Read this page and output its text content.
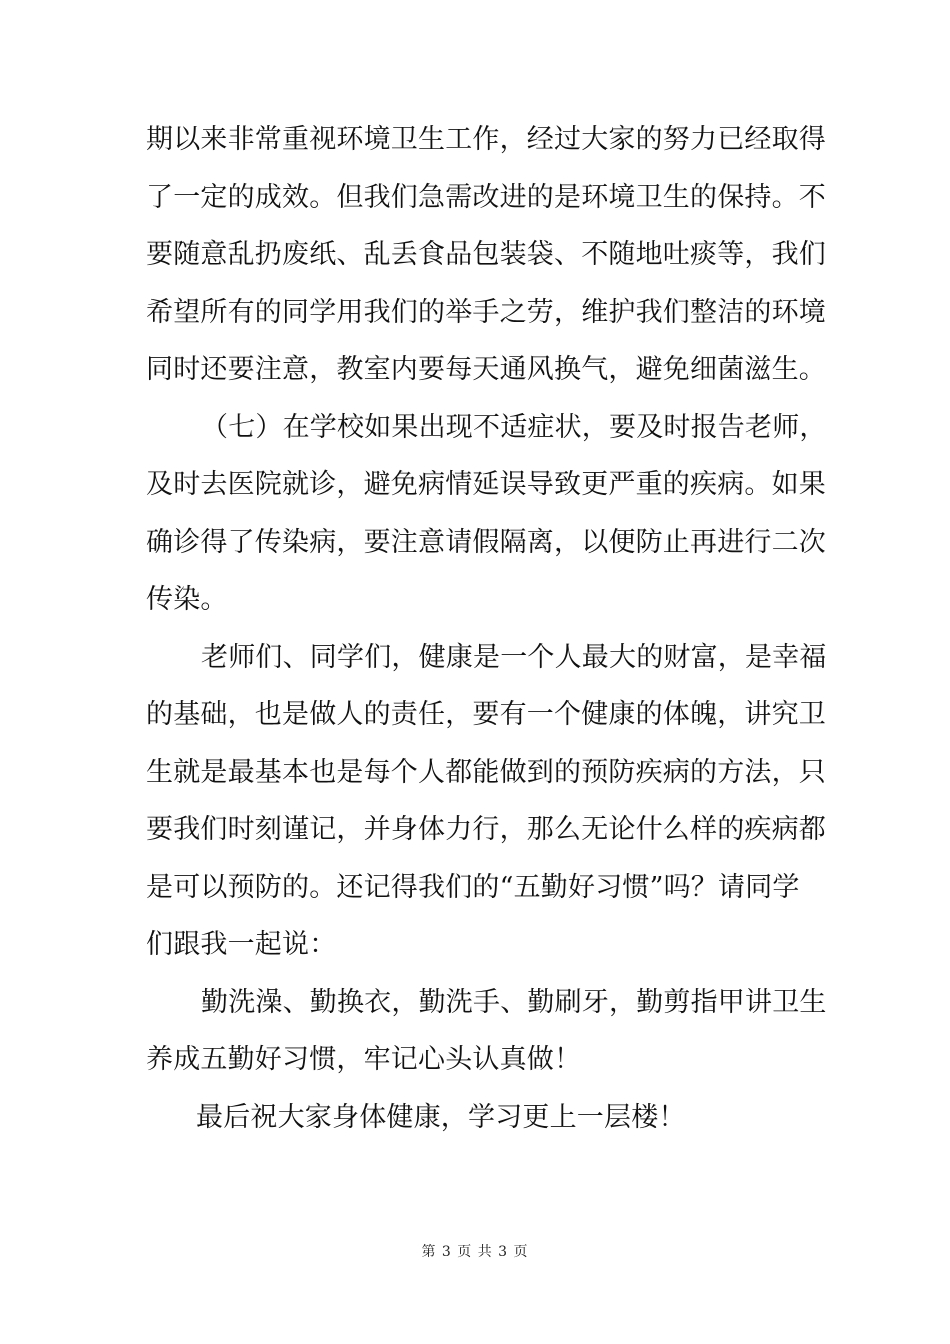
期以来非常重视环境卫生工作，经过大家的努力已经取得
了一定的成效。但我们急需改进的是环境卫生的保持。不
要随意乱扔废纸、乱丢食品包装袋、不随地吐痰等，我们
希望所有的同学用我们的举手之劳，维护我们整洁的环境
同时还要注意，教室内要每天通风换气，避免细菌滋生。
（七）在学校如果出现不适症状，要及时报告老师，
及时去医院就诊，避免病情延误导致更严重的疾病。如果
确诊得了传染病，要注意请假隔离，以便防止再进行二次
传染。
老师们、同学们，健康是一个人最大的财富，是幸福
的基础，也是做人的责任，要有一个健康的体魄，讲究卫
生就是最基本也是每个人都能做到的预防疾病的方法，只
要我们时刻谨记，并身体力行，那么无论什么样的疾病都
是可以预防的。还记得我们的“五勤好习惯”吗？请同学
们跟我一起说：
勤洗澡、勤换衣，勤洗手、勤刷牙，勤剪指甲讲卫生
养成五勤好习惯，牢记心头认真做！
最后祝大家身体健康，学习更上一层楼！
第 3 页 共 3 页
